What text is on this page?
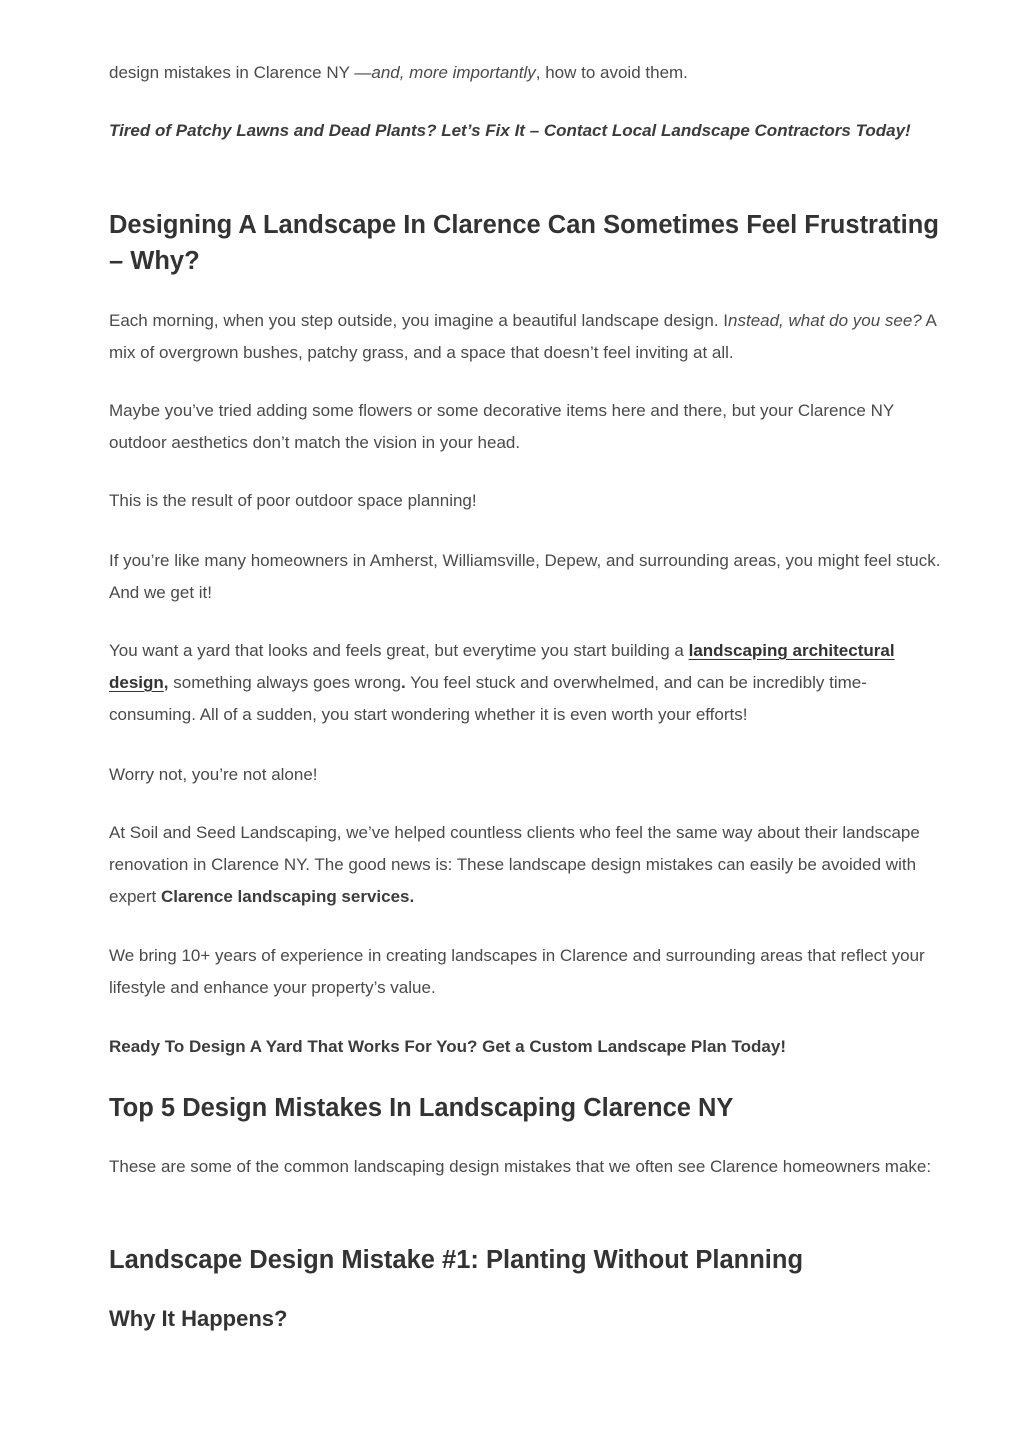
design mistakes in Clarence NY —and, more importantly, how to avoid them.

Tired of Patchy Lawns and Dead Plants? Let’s Fix It – Contact Local Landscape Contractors Today!

Designing A Landscape In Clarence Can Sometimes Feel Frustrating – Why?

Each morning, when you step outside, you imagine a beautiful landscape design. Instead, what do you see? A mix of overgrown bushes, patchy grass, and a space that doesn’t feel inviting at all.

Maybe you’ve tried adding some flowers or some decorative items here and there, but your Clarence NY outdoor aesthetics don’t match the vision in your head.

This is the result of poor outdoor space planning!

If you’re like many homeowners in Amherst, Williamsville, Depew, and surrounding areas, you might feel stuck. And we get it!

You want a yard that looks and feels great, but everytime you start building a landscaping architectural design, something always goes wrong. You feel stuck and overwhelmed, and can be incredibly time-consuming. All of a sudden, you start wondering whether it is even worth your efforts!

Worry not, you’re not alone!

At Soil and Seed Landscaping, we’ve helped countless clients who feel the same way about their landscape renovation in Clarence NY. The good news is: These landscape design mistakes can easily be avoided with expert Clarence landscaping services.

We bring 10+ years of experience in creating landscapes in Clarence and surrounding areas that reflect your lifestyle and enhance your property’s value.

Ready To Design A Yard That Works For You? Get a Custom Landscape Plan Today!

Top 5 Design Mistakes In Landscaping Clarence NY

These are some of the common landscaping design mistakes that we often see Clarence homeowners make:

Landscape Design Mistake #1: Planting Without Planning
Why It Happens?
